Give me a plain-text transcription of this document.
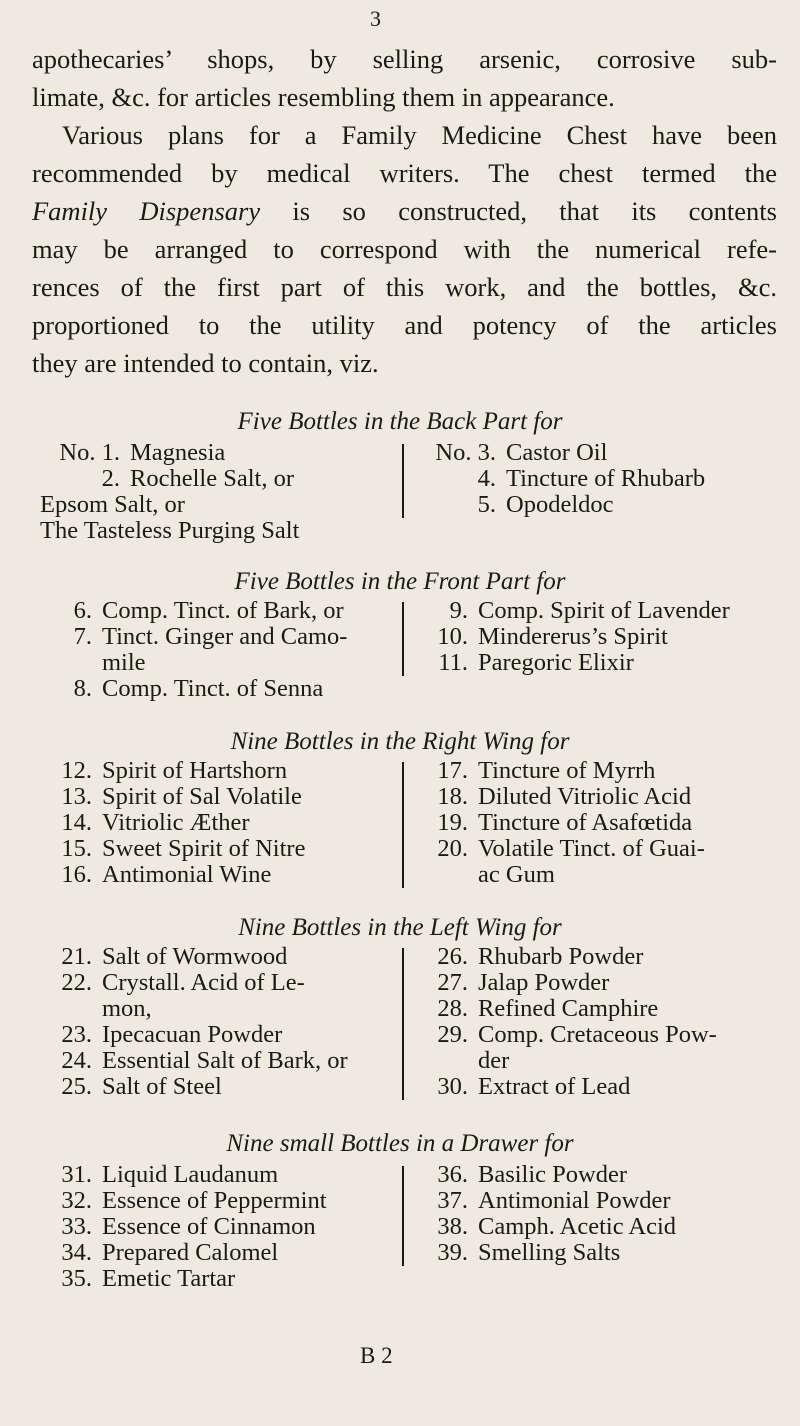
3
apothecaries’ shops, by selling arsenic, corrosive sub-
limate, &c. for articles resembling them in appearance.
Various plans for a Family Medicine Chest have been
recommended by medical writers. The chest termed the
Family Dispensary is so constructed, that its contents
may be arranged to correspond with the numerical refe-
rences of the first part of this work, and the bottles, &c.
proportioned to the utility and potency of the articles
they are intended to contain, viz.
Five Bottles in the Back Part for
No. 1. Magnesia
2. Rochelle Salt, or
Epsom Salt, or
The Tasteless Purging Salt
No. 3. Castor Oil
4. Tincture of Rhubarb
5. Opodeldoc
Five Bottles in the Front Part for
6. Comp. Tinct. of Bark, or
7. Tinct. Ginger and Camo-
mile
8. Comp. Tinct. of Senna
9. Comp. Spirit of Lavender
10. Mindererus’s Spirit
11. Paregoric Elixir
Nine Bottles in the Right Wing for
12. Spirit of Hartshorn
13. Spirit of Sal Volatile
14. Vitriolic Æther
15. Sweet Spirit of Nitre
16. Antimonial Wine
17. Tincture of Myrrh
18. Diluted Vitriolic Acid
19. Tincture of Asafœtida
20. Volatile Tinct. of Guai-
ac Gum
Nine Bottles in the Left Wing for
21. Salt of Wormwood
22. Crystall. Acid of Le-
mon,
23. Ipecacuan Powder
24. Essential Salt of Bark, or
25. Salt of Steel
26. Rhubarb Powder
27. Jalap Powder
28. Refined Camphire
29. Comp. Cretaceous Pow-
der
30. Extract of Lead
Nine small Bottles in a Drawer for
31. Liquid Laudanum
32. Essence of Peppermint
33. Essence of Cinnamon
34. Prepared Calomel
35. Emetic Tartar
36. Basilic Powder
37. Antimonial Powder
38. Camph. Acetic Acid
39. Smelling Salts
B 2
